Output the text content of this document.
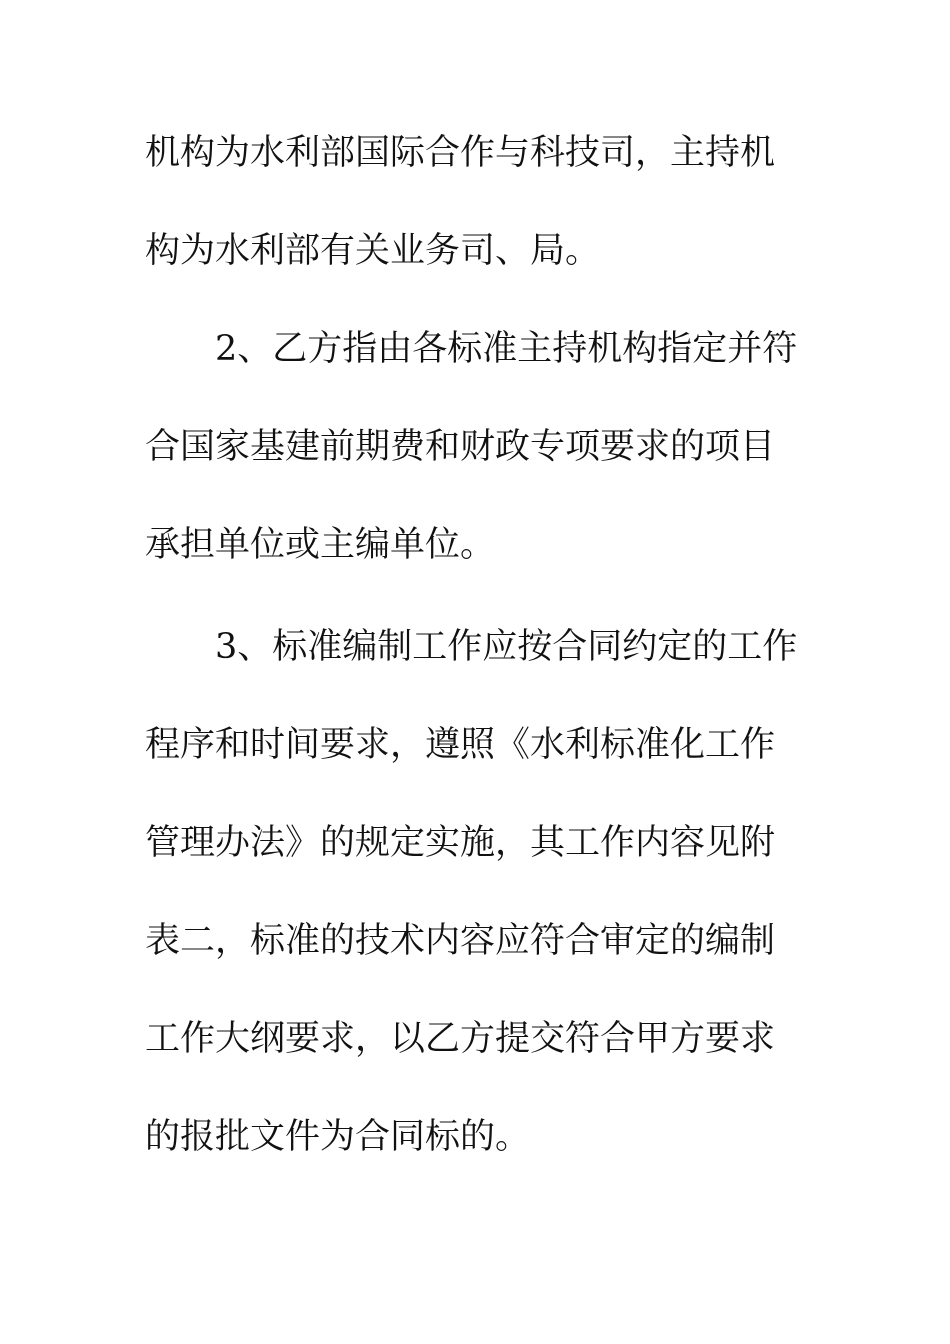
机构为水利部国际合作与科技司，主持机
构为水利部有关业务司、局。
2、乙方指由各标准主持机构指定并符
合国家基建前期费和财政专项要求的项目
承担单位或主编单位。
3、标准编制工作应按合同约定的工作
程序和时间要求，遵照《水利标准化工作
管理办法》的规定实施，其工作内容见附
表二，标准的技术内容应符合审定的编制
工作大纲要求，以乙方提交符合甲方要求
的报批文件为合同标的。
